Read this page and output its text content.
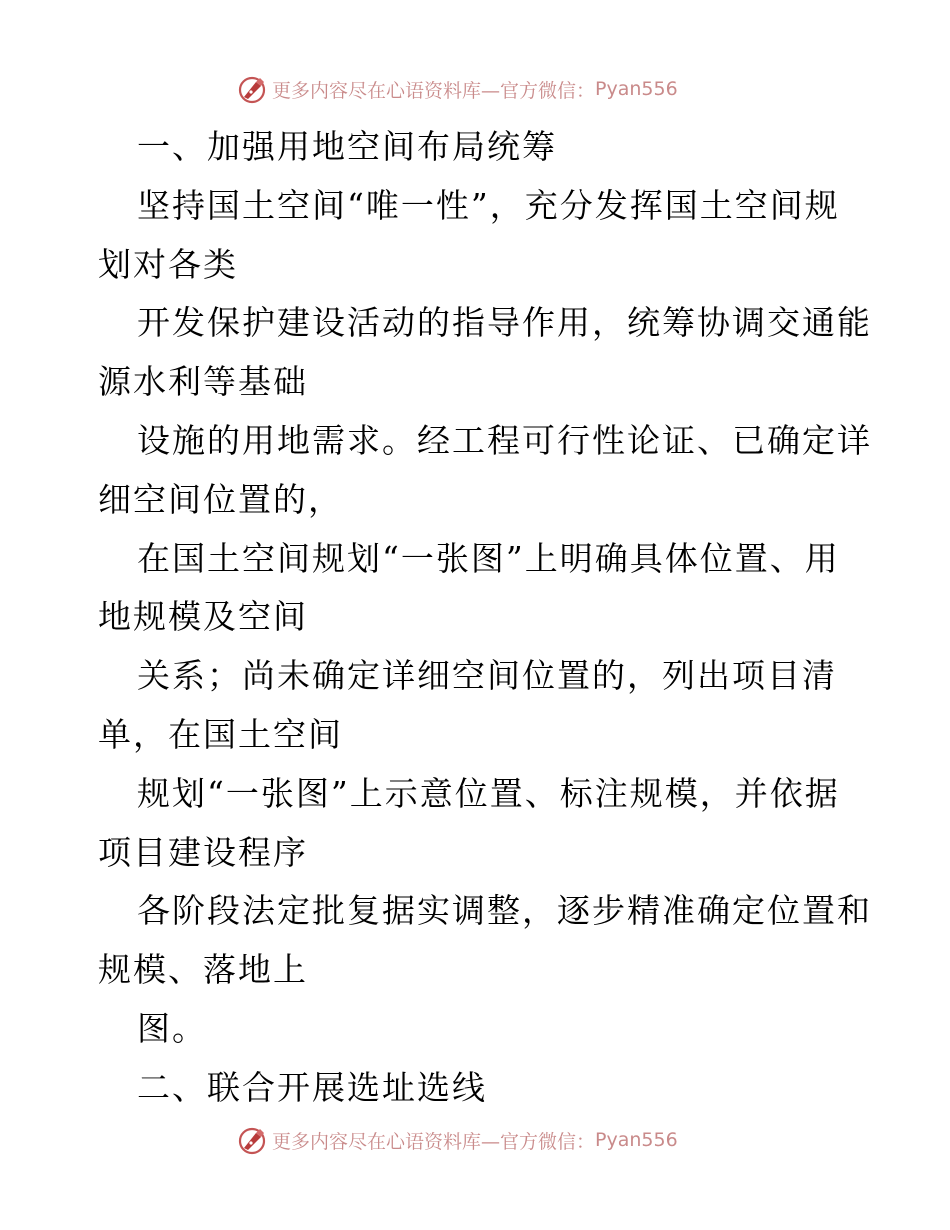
更多内容尽在心语资料库—官方微信： Pyan556
一、加强用地空间布局统筹
坚持国土空间“唯一性”，充分发挥国土空间规
划对各类
开发保护建设活动的指导作用，统筹协调交通能
源水利等基础
设施的用地需求。经工程可行性论证、已确定详
细空间位置的，
在国土空间规划“一张图”上明确具体位置、用
地规模及空间
关系；尚未确定详细空间位置的，列出项目清
单，在国土空间
规划“一张图”上示意位置、标注规模，并依据
项目建设程序
各阶段法定批复据实调整，逐步精准确定位置和
规模、落地上
图。
二、联合开展选址选线
更多内容尽在心语资料库—官方微信： Pyan556
